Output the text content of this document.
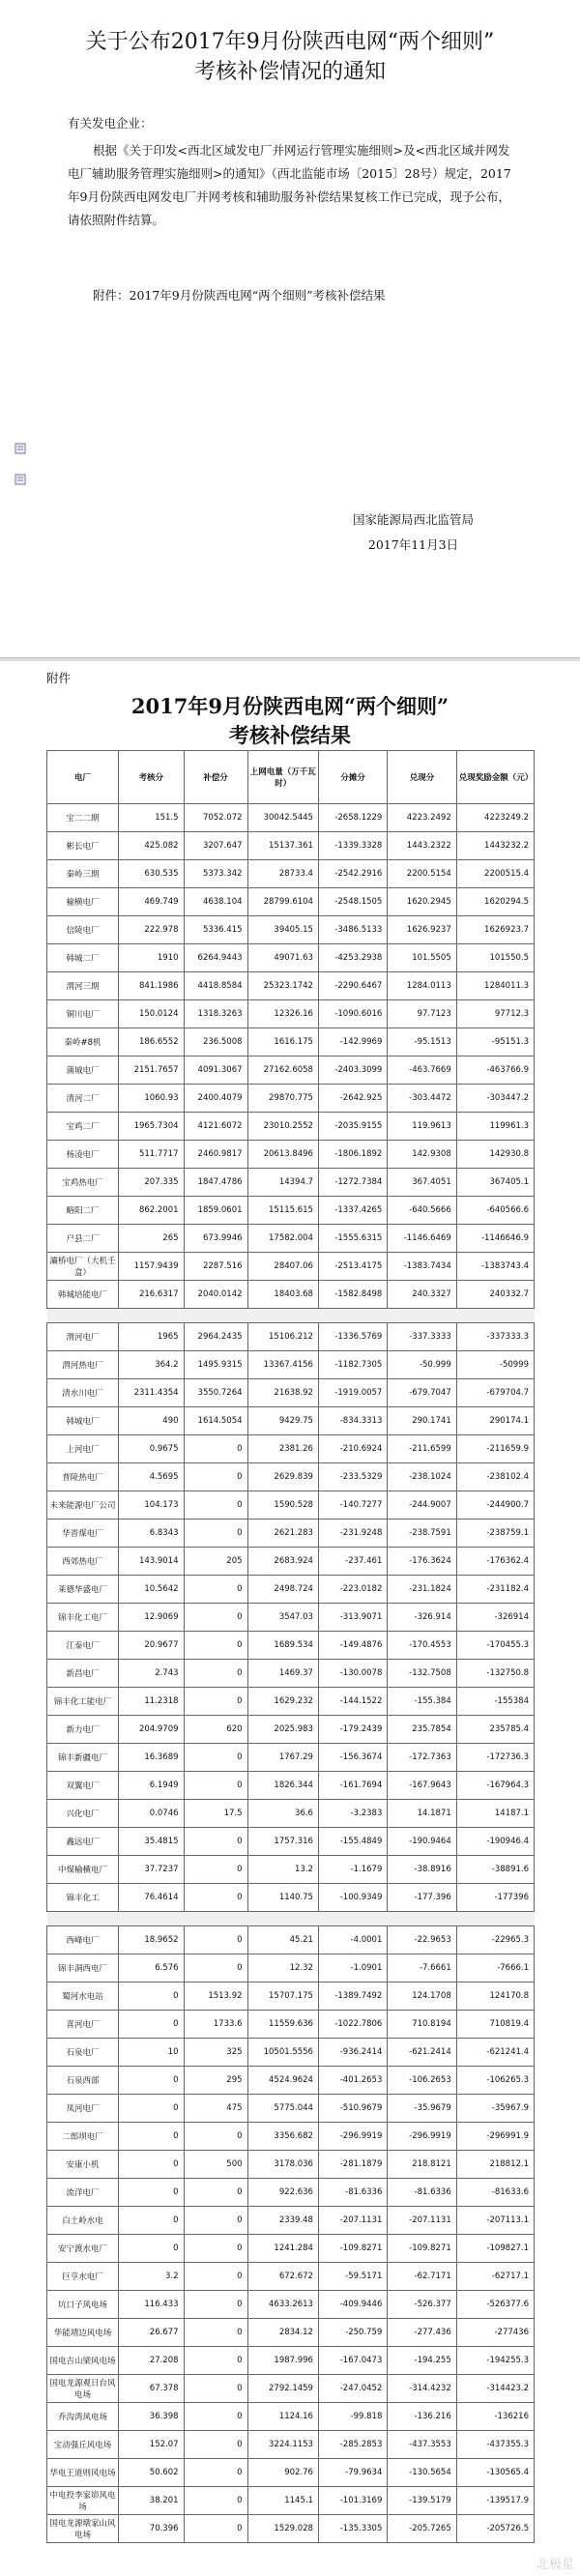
关于公布2017年9月份陕西电网“两个细则”
考核补偿情况的通知

有关发电企业：

根据《关于印发<西北区域发电厂并网运行管理实施细则>及<西北区域并网发电厂辅助服务管理实施细则>的通知》（西北监能市场〔2015〕28号）规定，2017年9月份陕西电网发电厂并网考核和辅助服务补偿结果复核工作已完成，现予公布，请依照附件结算。

附件：2017年9月份陕西电网“两个细则”考核补偿结果
国家能源局西北监管局
2017年11月3日
附件
2017年9月份陕西电网“两个细则”
考核补偿结果
电厂	考核分	补偿分	上网电量（万千瓦时）	分摊分	兑现分	兑现奖励金额（元）
宝二二期	151.5	7052.072	30042.5445	-2658.1229	4223.2492	4223249.2
彬长电厂	425.082	3207.647	15137.361	-1339.3328	1443.2322	1443232.2
秦岭三期	630.535	5373.342	28733.4	-2542.2916	2200.5154	2200515.4
榆横电厂	469.749	4638.104	28799.6104	-2548.1505	1620.2945	1620294.5
信陵电厂	222.978	5336.415	39405.15	-3486.5133	1626.9237	1626923.7
韩城二厂	1910	6264.9443	49071.63	-4253.2938	101.5505	101550.5
渭河三期	841.1986	4418.8584	25323.1742	-2290.6467	1284.0113	1284011.3
铜川电厂	150.0124	1318.3263	12326.16	-1090.6016	97.7123	97712.3
秦岭#8机	186.6552	236.5008	1616.175	-142.9969	-95.1513	-95151.3
蒲城电厂	2151.7657	4091.3067	27162.6058	-2403.3099	-463.7669	-463766.9
清河二厂	1060.93	2400.4079	29870.775	-2642.925	-303.4472	-303447.2
宝鸡二厂	1965.7304	4121.6072	23010.2552	-2035.9155	119.9613	119961.3
杨凌电厂	511.7717	2460.9817	20613.8496	-1806.1892	142.9308	142930.8
宝鸡热电厂	207.335	1847.4786	14394.7	-1272.7384	367.4051	367405.1
略阳二厂	862.2001	1859.0601	15115.615	-1337.4265	-640.5666	-640566.6
户县二厂	265	673.9946	17582.004	-1555.6315	-1146.6469	-1146646.9
灞桥电厂（大机壬盒）	1157.9439	2287.516	28407.06	-2513.4175	-1383.7434	-1383743.4
韩城培能电厂	216.6317	2040.0142	18403.68	-1582.8498	240.3327	240332.7

渭河电厂	1965	2964.2435	15106.212	-1336.5769	-337.3333	-337333.3
渭河热电厂	364.2	1495.9315	13367.4156	-1182.7305	-50.999	-50999
清水川电厂	2311.4354	3550.7264	21638.92	-1919.0057	-679.7047	-679704.7
韩城电厂	490	1614.5054	9429.75	-834.3313	290.1741	290174.1
上河电厂	0.9675	0	2381.26	-210.6924	-211.6599	-211659.9
普陵热电厂	4.5695	0	2629.839	-233.5329	-238.1024	-238102.4
未来能源电厂公司	104.173	0	1590.528	-140.7277	-244.9007	-244900.7
华晋煤电厂	6.8343	0	2621.283	-231.9248	-238.7591	-238759.1
西郊热电厂	143.9014	205	2683.924	-237.461	-176.3624	-176362.4
莱德华盛电厂	10.5642	0	2498.724	-223.0182	-231.1824	-231182.4
锦丰化工电厂	12.9069	0	3547.03	-313.9071	-326.914	-326914
江泰电厂	20.9677	0	1689.534	-149.4876	-170.4553	-170455.3
新昌电厂	2.743	0	1469.37	-130.0078	-132.7508	-132750.8
锦丰化工能电厂	11.2318	0	1629.232	-144.1522	-155.384	-155384
新力电厂	204.9709	620	2025.983	-179.2439	235.7854	235785.4
锦丰新疆电厂	16.3689	0	1767.29	-156.3674	-172.7363	-172736.3
双翼电厂	6.1949	0	1826.344	-161.7694	-167.9643	-167964.3
兴化电厂	0.0746	17.5	36.6	-3.2383	14.1871	14187.1
鑫远电厂	35.4815	0	1757.316	-155.4849	-190.9464	-190946.4
中煤榆横电厂	37.7237	0	13.2	-1.1679	-38.8916	-38891.6
锦丰化工	76.4614	0	1140.75	-100.9349	-177.396	-177396

西峰电厂	18.9652	0	45.21	-4.0001	-22.9653	-22965.3
锦丰洞西电厂	6.576	0	12.32	-1.0901	-7.6661	-7666.1
蜀河水电站	0	1513.92	15707.175	-1389.7492	124.1708	124170.8
喜河电厂	0	1733.6	11559.636	-1022.7806	710.8194	710819.4
石泉电厂	10	325	10501.5556	-936.2414	-621.2414	-621241.4
石泉西部	0	295	4524.9624	-401.2653	-106.2653	-106265.3
凤河电厂	0	475	5775.044	-510.9679	-35.9679	-35967.9
二郎坝电厂	0	0	3356.682	-296.9919	-296.9919	-296991.9
安康小机	0	500	3178.036	-281.1879	218.8121	218812.1
流洋电厂	0	0	922.636	-81.6336	-81.6336	-81633.6
白土岭水电	0	0	2339.48	-207.1131	-207.1131	-207113.1
安宁渡水电厂	0	0	1241.284	-109.8271	-109.8271	-109827.1
巨亨水电厂	3.2	0	672.672	-59.5171	-62.7171	-62717.1
坑口子风电场	116.433	0	4633.2613	-409.9446	-526.377	-526377.6
华能靖边风电场	26.677	0	2834.12	-250.759	-277.436	-277436
国电吉山梁风电场	27.208	0	1987.996	-167.0473	-194.255	-194255.3
国电龙源观日台风电场	67.378	0	2792.1459	-247.0452	-314.4232	-314423.2
乔沟湾风电场	36.398	0	1124.16	-99.818	-136.216	-136216
宝动强丘风电场	152.07	0	3224.1153	-285.2853	-437.3553	-437355.3
华电王道则风电场	50.602	0	902.76	-79.9634	-130.5654	-130565.4
中电投李家峁风电场	38.201	0	1145.1	-101.3169	-139.5179	-139517.9
国电龙源墩家山风电场	70.396	0	1529.028	-135.3305	-205.7265	-205726.5
北极星
